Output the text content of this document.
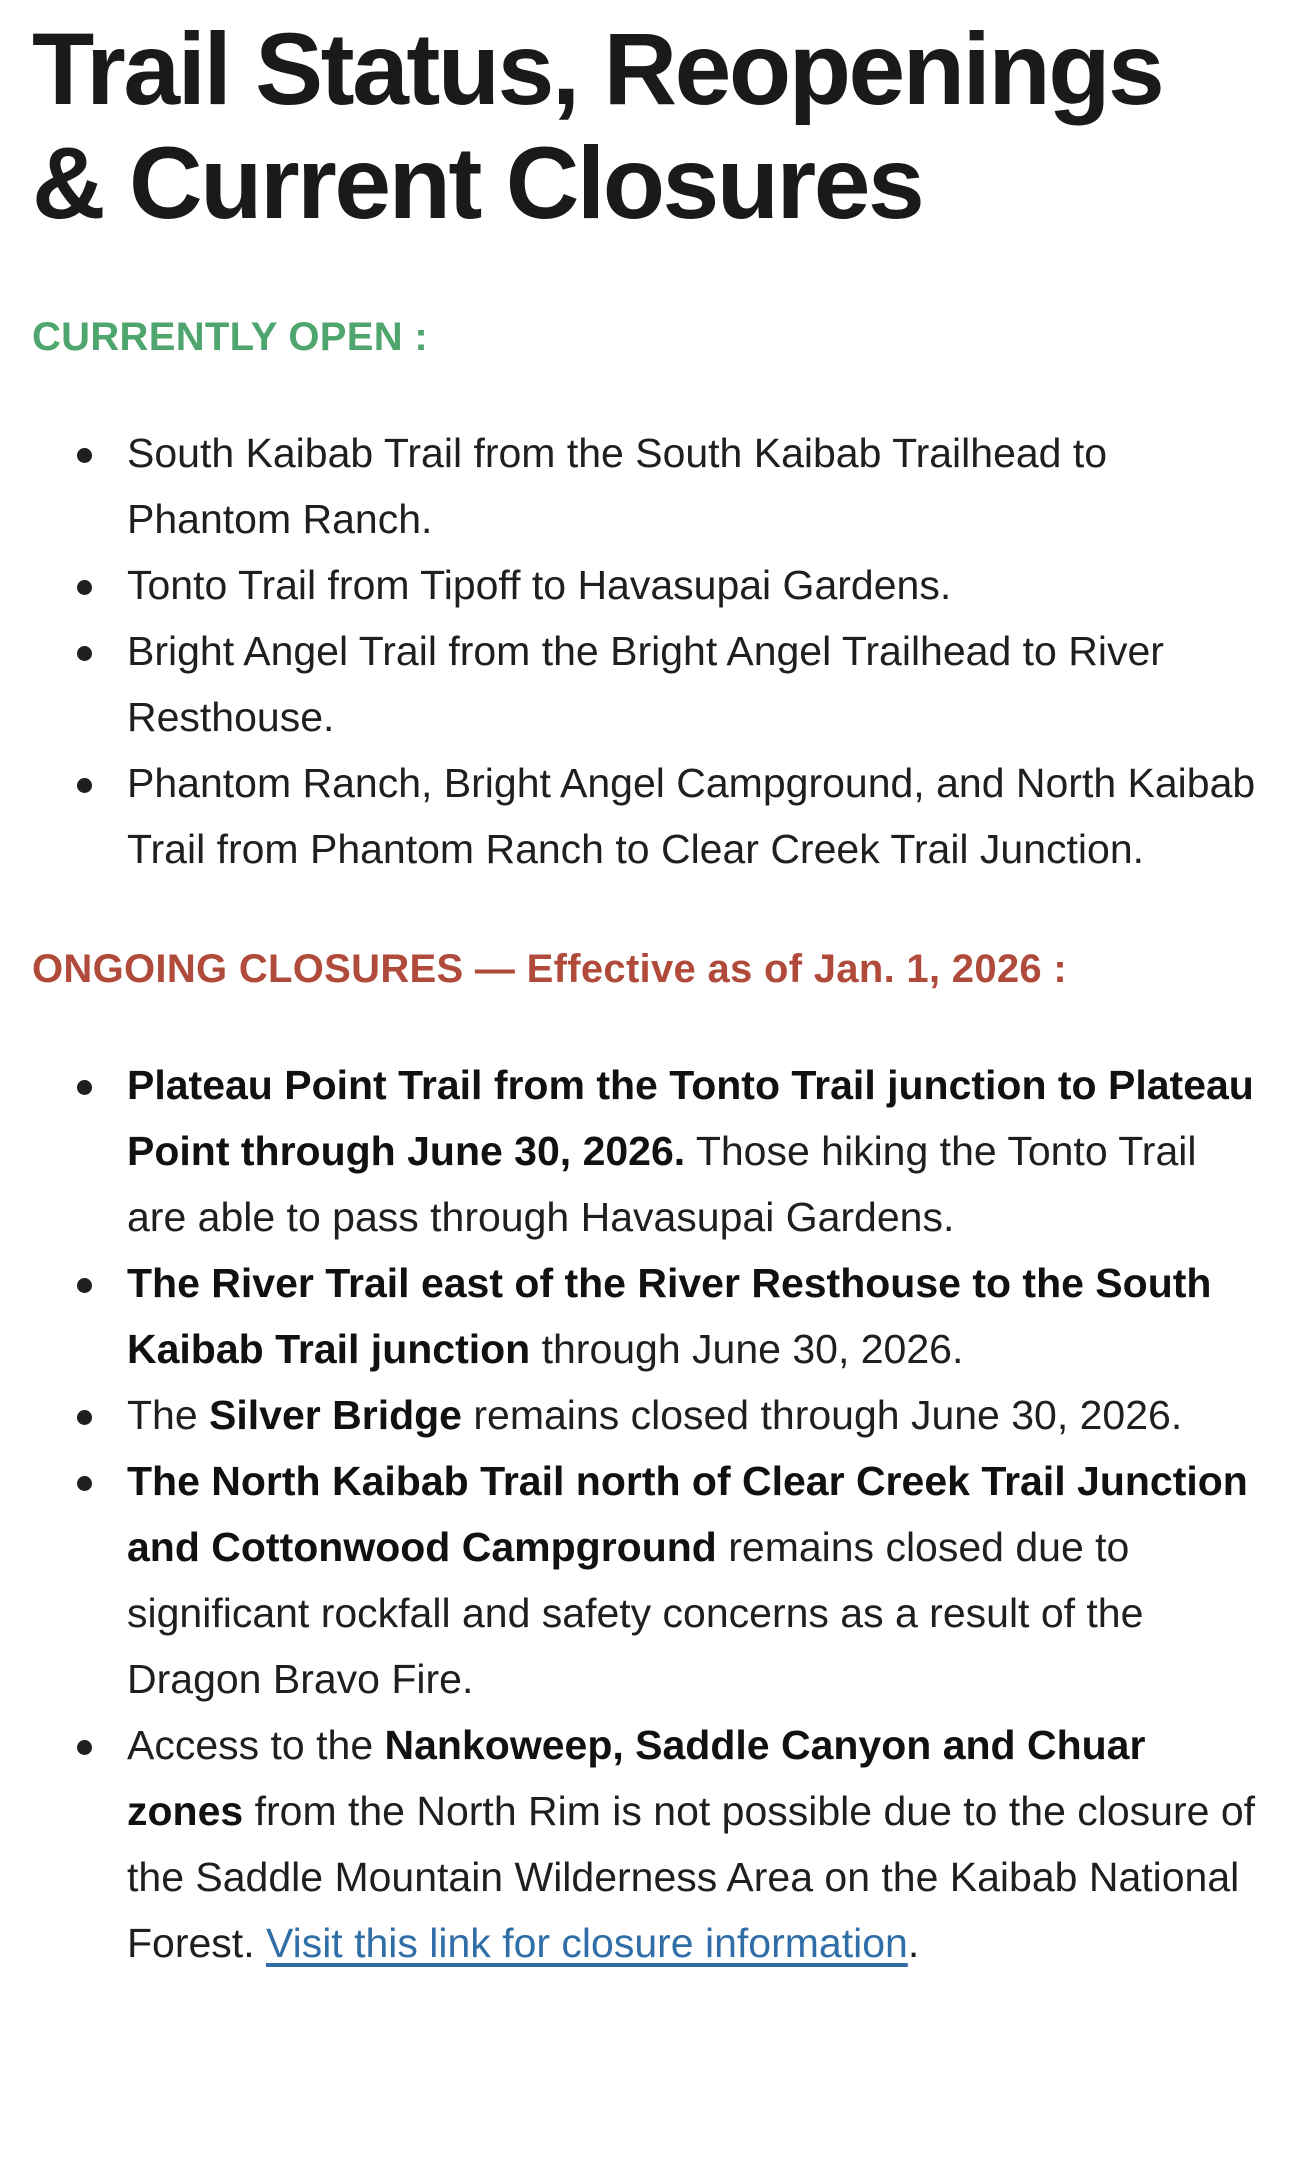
Trail Status, Reopenings & Current Closures
CURRENTLY OPEN :
South Kaibab Trail from the South Kaibab Trailhead to Phantom Ranch.
Tonto Trail from Tipoff to Havasupai Gardens.
Bright Angel Trail from the Bright Angel Trailhead to River Resthouse.
Phantom Ranch, Bright Angel Campground, and North Kaibab Trail from Phantom Ranch to Clear Creek Trail Junction.
ONGOING CLOSURES — Effective as of Jan. 1, 2026 :
Plateau Point Trail from the Tonto Trail junction to Plateau Point through June 30, 2026. Those hiking the Tonto Trail are able to pass through Havasupai Gardens.
The River Trail east of the River Resthouse to the South Kaibab Trail junction through June 30, 2026.
The Silver Bridge remains closed through June 30, 2026.
The North Kaibab Trail north of Clear Creek Trail Junction and Cottonwood Campground remains closed due to significant rockfall and safety concerns as a result of the Dragon Bravo Fire.
Access to the Nankoweep, Saddle Canyon and Chuar zones from the North Rim is not possible due to the closure of the Saddle Mountain Wilderness Area on the Kaibab National Forest. Visit this link for closure information.
